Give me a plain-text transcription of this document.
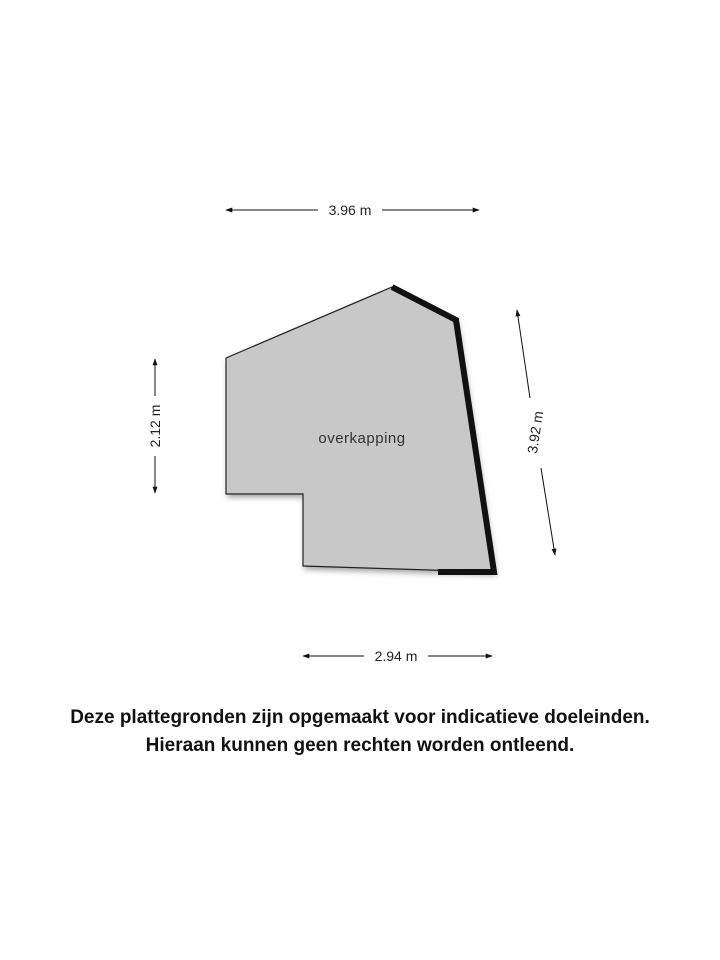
overkapping
3.96 m
2.12 m	3.92 m
2.94 m
Deze plattegronden zijn opgemaakt voor indicatieve doeleinden.
Hieraan kunnen geen rechten worden ontleend.
